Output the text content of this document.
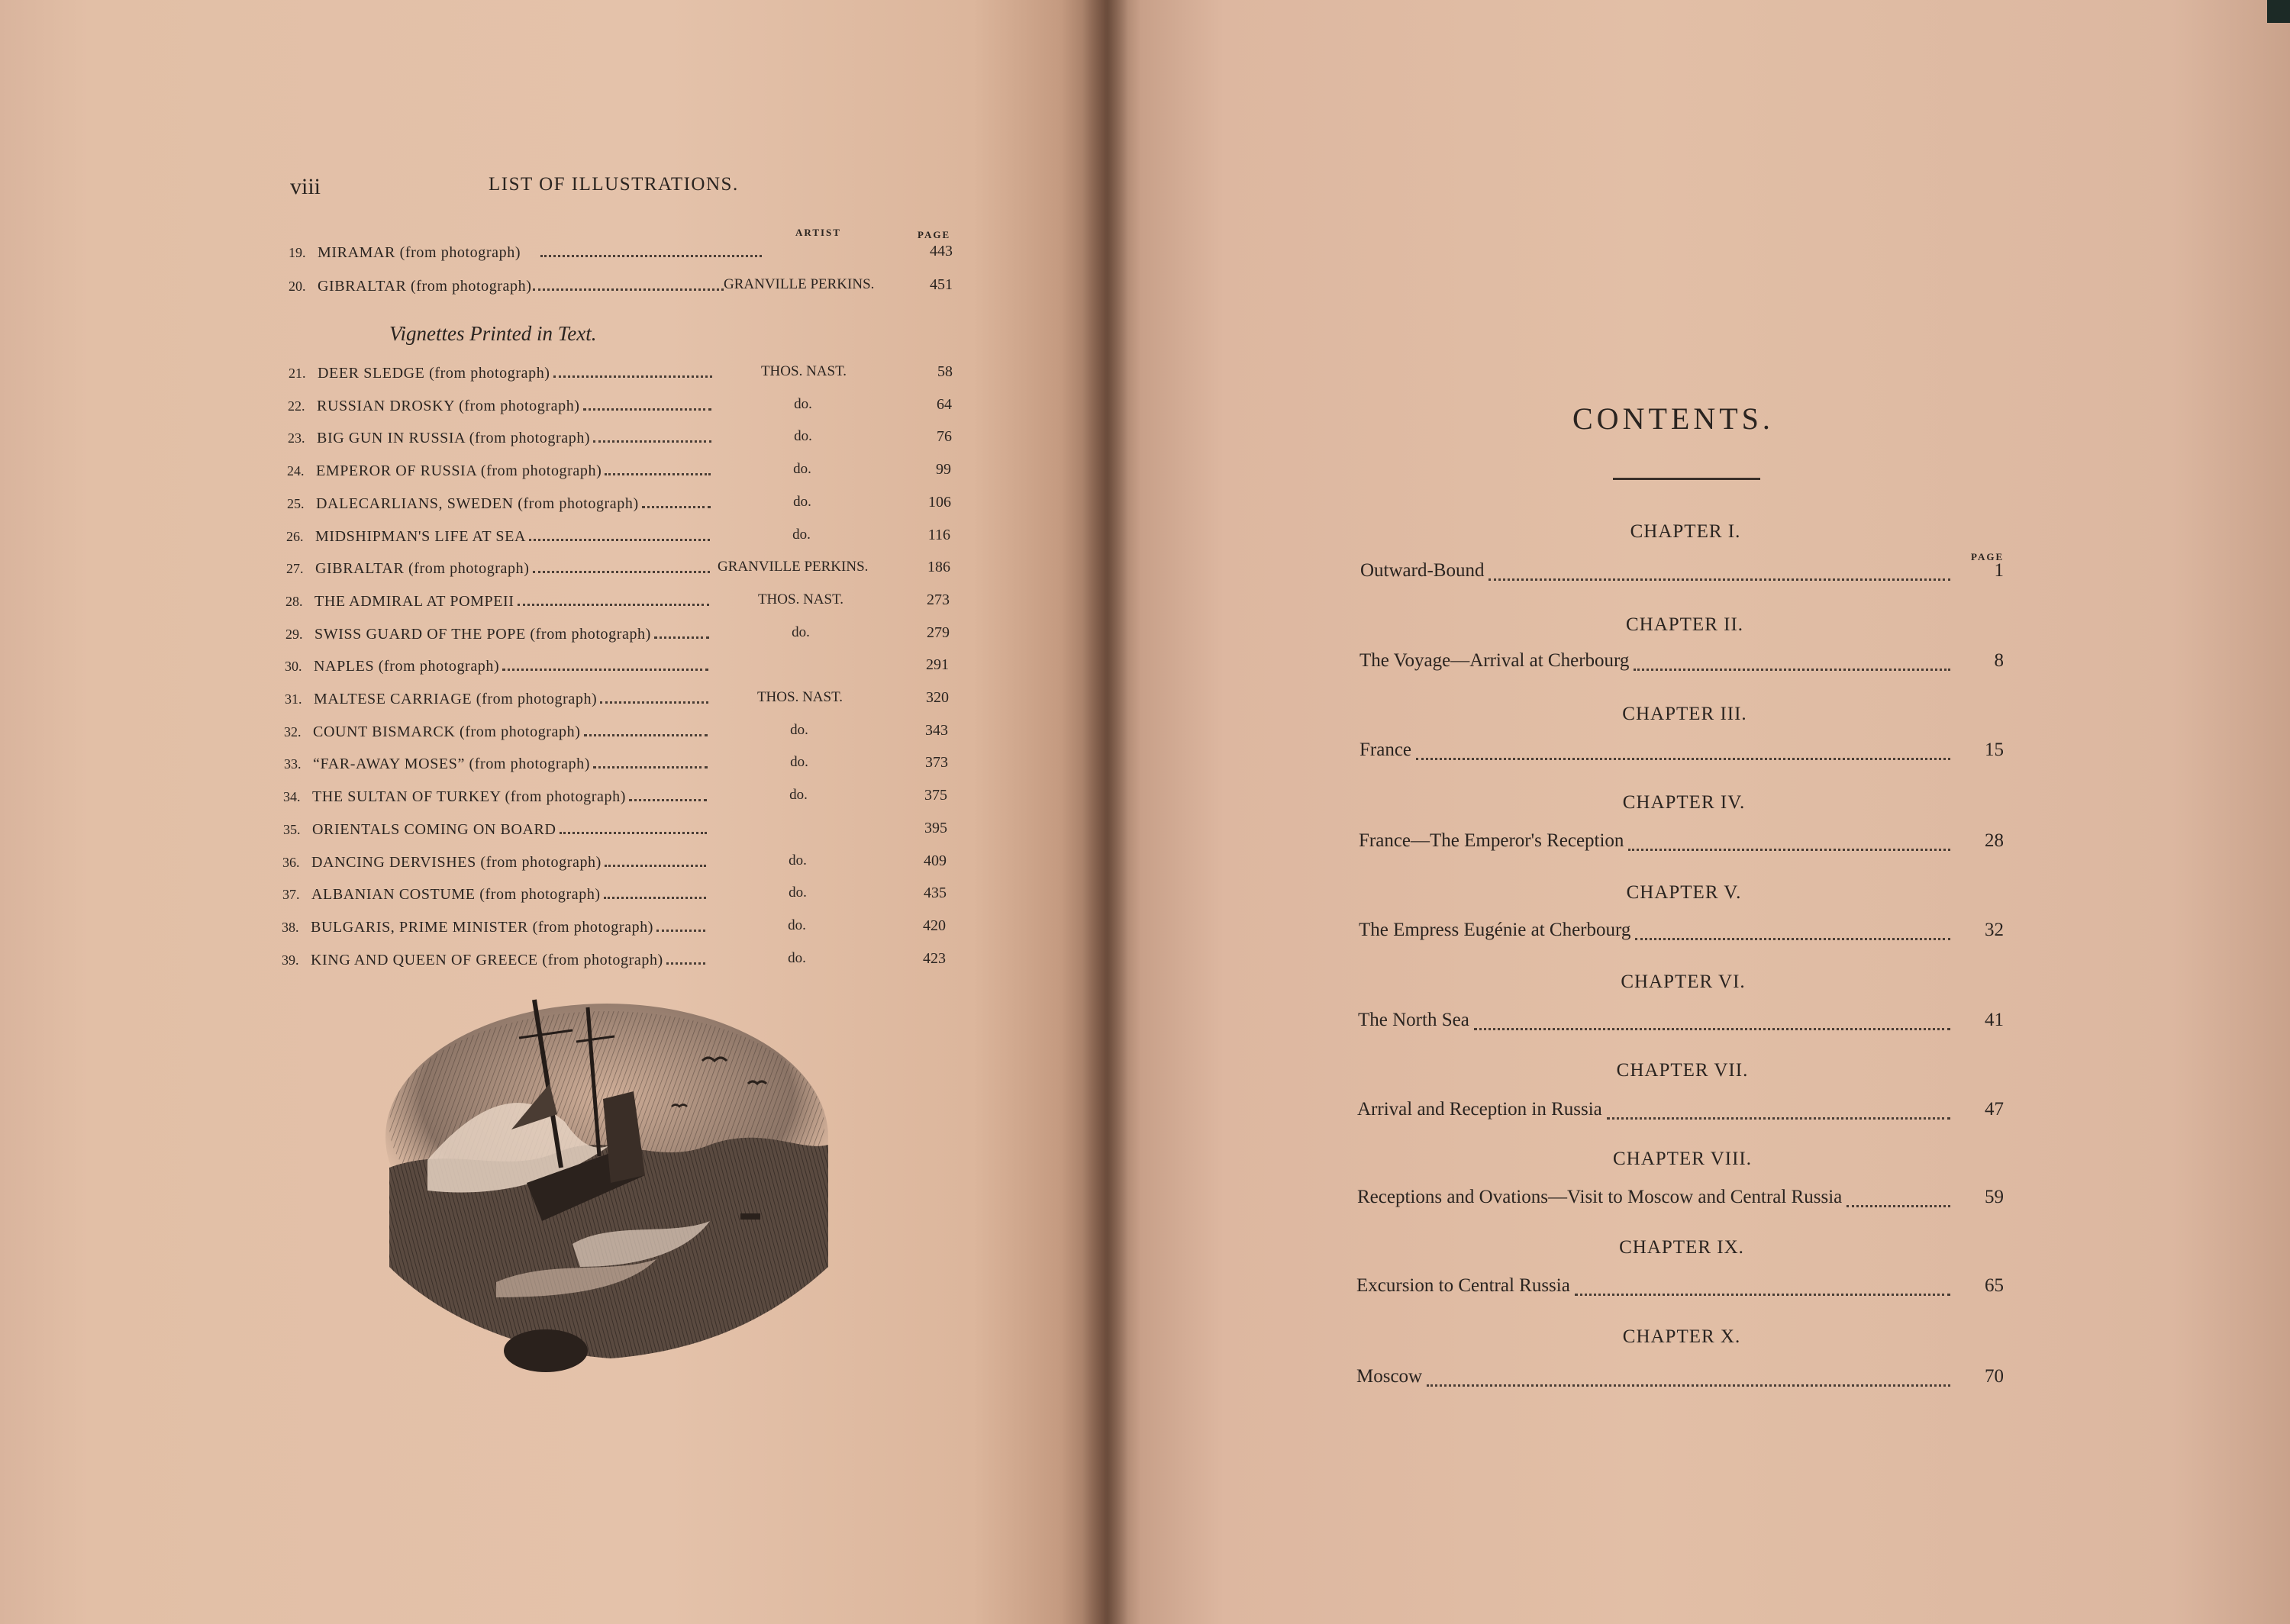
viii	LIST OF ILLUSTRATIONS.
ARTIST	PAGE
19. MIRAMAR (from photograph)	443
20. GIBRALTAR (from photograph)	GRANVILLE PERKINS.	451
Vignettes Printed in Text.
21. DEER SLEDGE (from photograph)	THOS. NAST.	58
22. RUSSIAN DROSKY (from photograph)	do.	64
23. BIG GUN IN RUSSIA (from photograph)	do.	76
24. EMPEROR OF RUSSIA (from photograph)	do.	99
25. DALECARLIANS, SWEDEN (from photograph)	do.	106
26. MIDSHIPMAN'S LIFE AT SEA	do.	116
27. GIBRALTAR (from photograph)	GRANVILLE PERKINS.	186
28. THE ADMIRAL AT POMPEII	THOS. NAST.	273
29. SWISS GUARD OF THE POPE (from photograph)	do.	279
30. NAPLES (from photograph)	291
31. MALTESE CARRIAGE (from photograph)	THOS. NAST.	320
32. COUNT BISMARCK (from photograph)	do.	343
33. “FAR-AWAY MOSES” (from photograph)	do.	373
34. THE SULTAN OF TURKEY (from photograph)	do.	375
35. ORIENTALS COMING ON BOARD	395
36. DANCING DERVISHES (from photograph)	do.	409
37. ALBANIAN COSTUME (from photograph)	do.	435
38. BULGARIS, PRIME MINISTER (from photograph)	do.	420
39. KING AND QUEEN OF GREECE (from photograph)	do.	423
CONTENTS.
PAGE
CHAPTER I.
Outward-Bound	1
CHAPTER II.
The Voyage—Arrival at Cherbourg	8
CHAPTER III.
France	15
CHAPTER IV.
France—The Emperor's Reception	28
CHAPTER V.
The Empress Eugénie at Cherbourg	32
CHAPTER VI.
The North Sea	41
CHAPTER VII.
Arrival and Reception in Russia	47
CHAPTER VIII.
Receptions and Ovations—Visit to Moscow and Central Russia	59
CHAPTER IX.
Excursion to Central Russia	65
CHAPTER X.
Moscow	70
